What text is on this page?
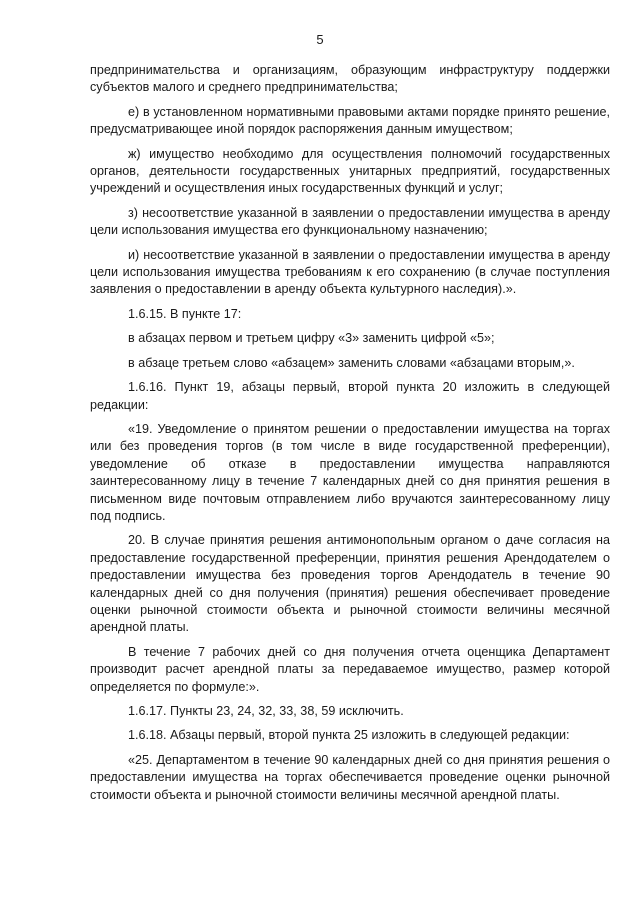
5

предпринимательства и организациям, образующим инфраструктуру поддержки субъектов малого и среднего предпринимательства;

е) в установленном нормативными правовыми актами порядке принято решение, предусматривающее иной порядок распоряжения данным имуществом;

ж) имущество необходимо для осуществления полномочий государственных органов, деятельности государственных унитарных предприятий, государственных учреждений и осуществления иных государственных функций и услуг;

з) несоответствие указанной в заявлении о предоставлении имущества в аренду цели использования имущества его функциональному назначению;

и) несоответствие указанной в заявлении о предоставлении имущества в аренду цели использования имущества требованиям к его сохранению (в случае поступления заявления о предоставлении в аренду объекта культурного наследия).».

1.6.15. В пункте 17:

в абзацах первом и третьем цифру «3» заменить цифрой «5»;

в абзаце третьем слово «абзацем» заменить словами «абзацами вторым,».

1.6.16. Пункт 19, абзацы первый, второй пункта 20 изложить в следующей редакции:

«19. Уведомление о принятом решении о предоставлении имущества на торгах или без проведения торгов (в том числе в виде государственной преференции), уведомление об отказе в предоставлении имущества направляются заинтересованному лицу в течение 7 календарных дней со дня принятия решения в письменном виде почтовым отправлением либо вручаются заинтересованному лицу под подпись.

20. В случае принятия решения антимонопольным органом о даче согласия на предоставление государственной преференции, принятия решения Арендодателем о предоставлении имущества без проведения торгов Арендодатель в течение 90 календарных дней со дня получения (принятия) решения обеспечивает проведение оценки рыночной стоимости объекта и рыночной стоимости величины месячной арендной платы.

В течение 7 рабочих дней со дня получения отчета оценщика Департамент производит расчет арендной платы за передаваемое имущество, размер которой определяется по формуле:».

1.6.17. Пункты 23, 24, 32, 33, 38, 59 исключить.

1.6.18. Абзацы первый, второй пункта 25 изложить в следующей редакции:

«25. Департаментом в течение 90 календарных дней со дня принятия решения о предоставлении имущества на торгах обеспечивается проведение оценки рыночной стоимости объекта и рыночной стоимости величины месячной арендной платы.
